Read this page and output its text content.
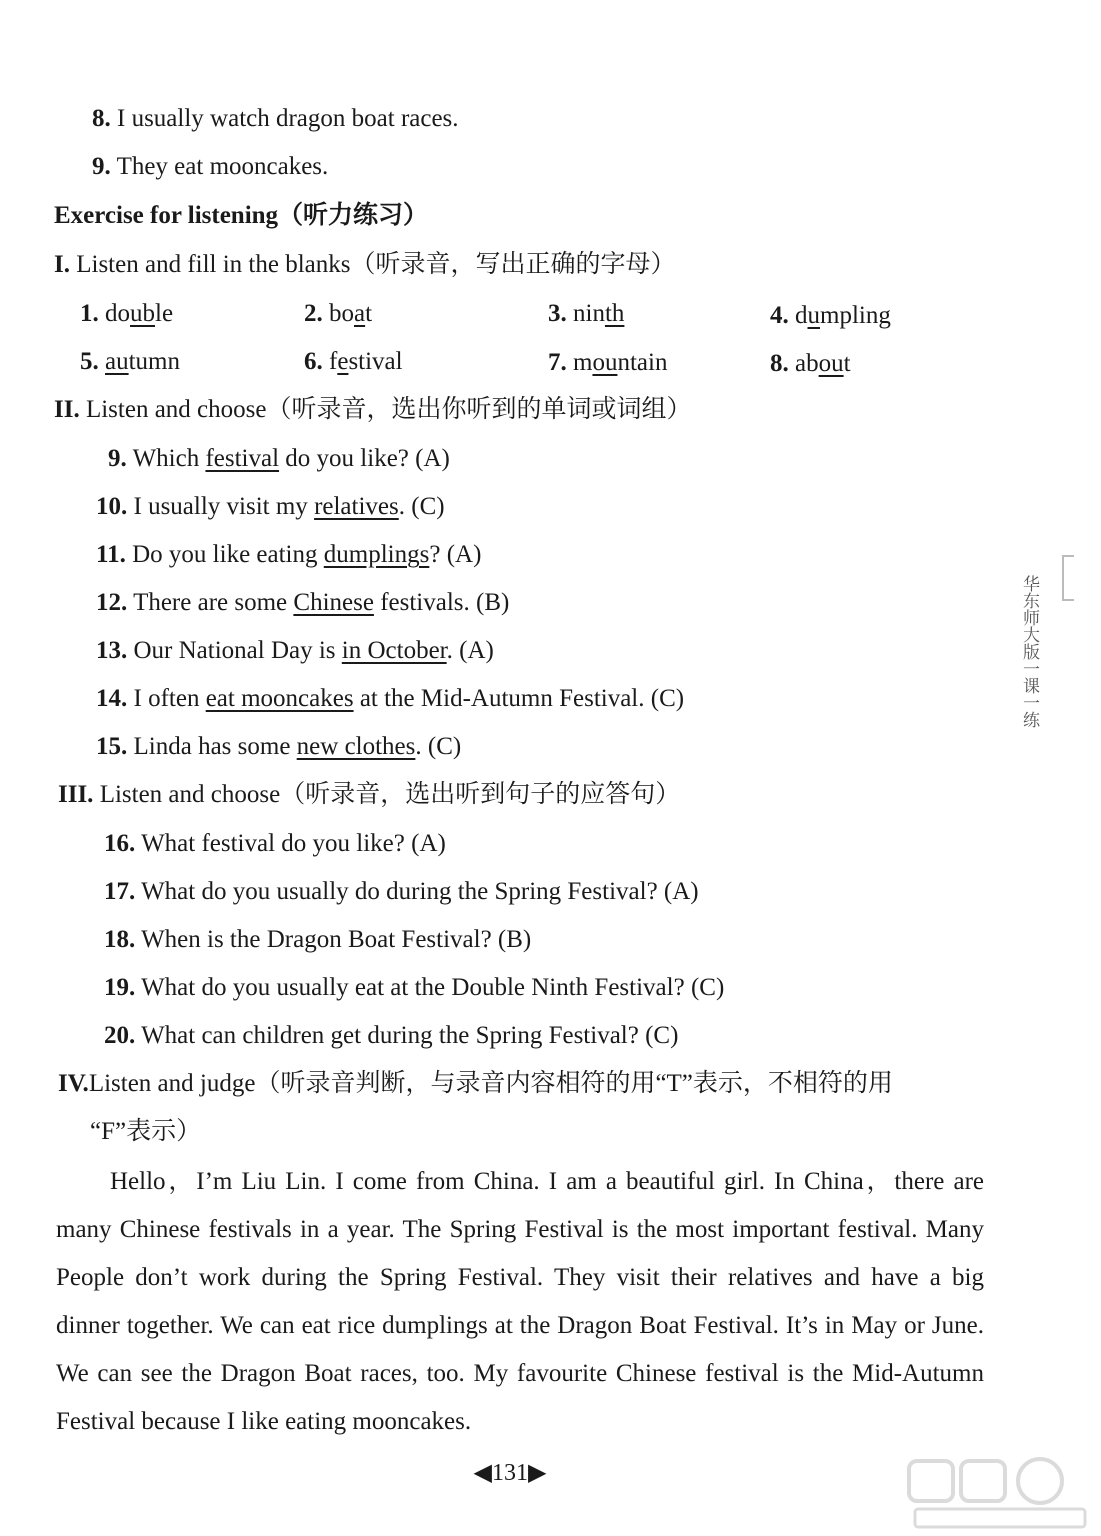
8. I usually watch dragon boat races.
9. They eat mooncakes.
Exercise for listening（听力练习）
I. Listen and fill in the blanks（听录音，写出正确的字母）
1. double	2. boat	3. ninth	4. dumpling
5. autumn	6. festival	7. mountain	8. about
II. Listen and choose（听录音，选出你听到的单词或词组）
9. Which festival do you like? (A)
10. I usually visit my relatives. (C)
11. Do you like eating dumplings? (A)
12. There are some Chinese festivals. (B)
13. Our National Day is in October. (A)
14. I often eat mooncakes at the Mid-Autumn Festival. (C)
15. Linda has some new clothes. (C)
III. Listen and choose（听录音，选出听到句子的应答句）
16. What festival do you like? (A)
17. What do you usually do during the Spring Festival? (A)
18. When is the Dragon Boat Festival? (B)
19. What do you usually eat at the Double Ninth Festival? (C)
20. What can children get during the Spring Festival? (C)
IV.Listen and judge（听录音判断，与录音内容相符的用“T”表示，不相符的用
“F”表示）

Hello，I’m Liu Lin. I come from China. I am a beautiful girl. In China，there are many Chinese festivals in a year. The Spring Festival is the most important festival. Many People don’t work during the Spring Festival. They visit their relatives and have a big dinner together. We can eat rice dumplings at the Dragon Boat Festival. It’s in May or June. We can see the Dragon Boat races, too. My favourite Chinese festival is the Mid-Autumn Festival because I like eating mooncakes.

华东师大版一课一练
◀131▶
